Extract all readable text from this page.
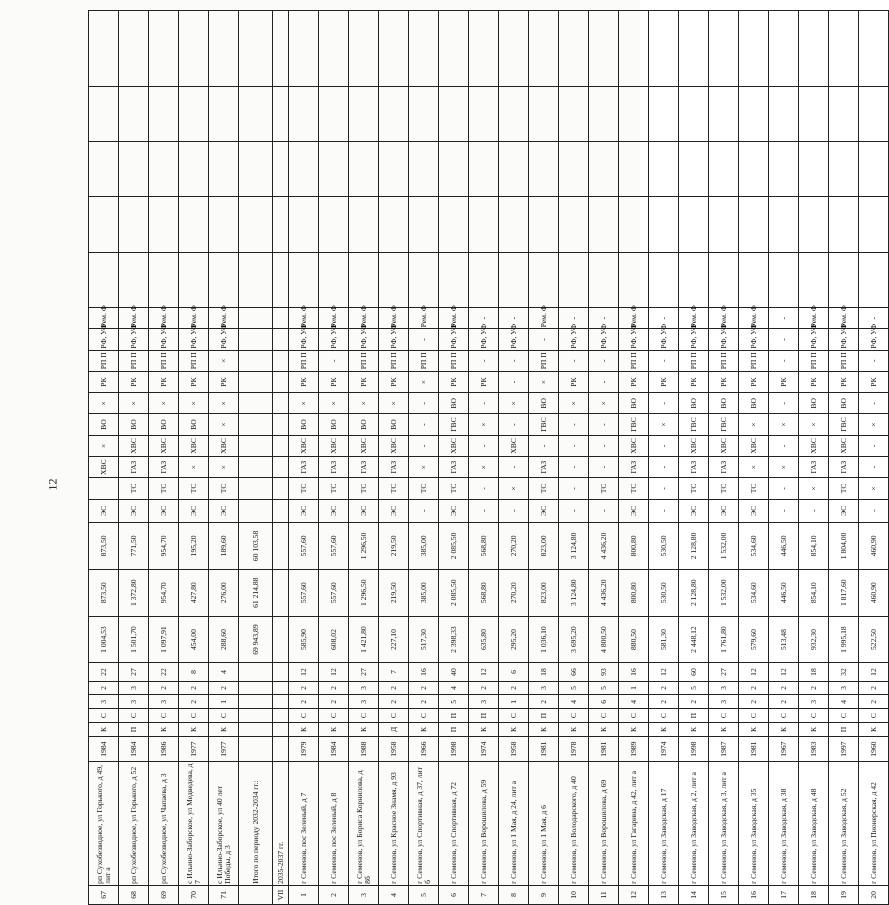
12
67	рп Сухобезводное, ул Горького, д 49, лит а	1984	К	С	3	2	22	1 004,53	873,50	873,50	ЭС		ХВС	×	ВО	×	РК	РП П	РФ, УФ	Рем. Ф					
68	рп Сухобезводное, ул Горького, д 52	1984	П	С	3	3	27	1 501,70	1 372,80	771,50	ЭС	ТС	ГАЗ	ХВС	ВО	×	РК	РП П	РФ, УФ	Рем. Ф					
69	рп Сухобезводное, ул Чапаева, д 3	1986	К	С	3	2	22	1 097,91	954,70	954,70	ЭС	ТС	ГАЗ	ХВС	ВО	×	РК	РП П	РФ, УФ	Рем. Ф					
70	с Ильино-Заборское, ул Медведева, д 7	1977	К	С	2	2	8	454,00	427,80	195,20	ЭС	ТС	×	ХВС	ВО	×	РК	РП П	РФ, УФ	Рем. Ф					
71	с Ильино-Заборское, ул 40 лет Победы, д 3	1977	К	С	1	2	4	288,60	276,00	189,60	ЭС	ТС	×	ХВС	×	×	РК	×	РФ, УФ	Рем. Ф					
	Итого по периоду 2032-2034 гг.:							69 943,89	61 214,88	60 103,58															
VII	2035-2037 гг.																								
1	г Семенов, пос Зеленый, д 7	1979	К	С	2	2	12	585,90	557,60	557,60	ЭС	ТС	ГАЗ	ХВС	ВО	×	РК	РП П	РФ, УФ	Рем. Ф					
2	г Семенов, пос Зеленый, д 8	1984	К	С	2	2	12	608,02	557,60	557,60	ЭС	ТС	ГАЗ	ХВС	ВО	×	РК	-	РФ, УФ	Рем. Ф					
3	г Семенов, ул Бориса Корнилова, д 8б	1988	К	С	3	3	27	1 421,80	1 296,50	1 296,50	ЭС	ТС	ГАЗ	ХВС	ВО	×	РК	РП П	РФ, УФ	Рем. Ф					
4	г Семенов, ул Красное Знамя, д 93	1958	Д	С	2	2	7	227,10	219,50	219,50	ЭС	ТС	ГАЗ	ХВС	ВО	×	РК	РП П	РФ, УФ	Рем. Ф					
5	г Семенов, ул Спортивная, д 37, лит б	1966	К	С	2	2	16	517,30	385,00	385,00	-	ТС	×	-	-	-	×	РП П	-	Рем. Ф					
6	г Семенов, ул Спортивная, д 72	1998	П	П	5	4	40	2 398,33	2 085,50	2 085,50	ЭС	ТС	ГАЗ	ХВС	ГВС	ВО	РК	РП П	РФ, УФ	Рем. Ф					
7	г Семенов, ул Ворошилова, д 59	1974	К	П	3	2	12	635,80	568,80	568,80	-	-	×	-	×	-	РК	-	РФ, УФ	-					
8	г Семенов, ул 1 Мая, д 24, лит а	1958	К	С	1	2	6	295,20	270,20	270,20	-	×	-	ХВС	-	×	-	-	РФ, УФ	-					
9	г Семенов, ул 1 Мая, д 6	1981	К	П	2	3	18	1 036,10	823,00	823,00	ЭС	ТС	ГАЗ	-	ГВС	ВО	×	РП П	-	Рем. Ф					
10	г Семенов, ул Володарского, д 40	1978	К	С	4	5	66	3 695,20	3 124,80	3 124,80	-	-	-	-	-	×	РК	-	РФ, УФ	-					
11	г Семенов, ул Ворошилова, д 69	1981	К	С	6	5	93	4 800,50	4 436,20	4 436,20	-	ТС	-	-	-	×	-	-	РФ, УФ	-					
12	г Семенов, ул Гагарина, д 42, лит а	1989	К	С	4	1	16	880,50	800,80	800,80	ЭС	ТС	ГАЗ	ХВС	ГВС	ВО	РК	РП П	РФ, УФ	Рем. Ф					
13	г Семенов, ул Заводская, д 17	1974	К	С	2	2	12	581,30	530,50	530,50	-	-	-	-	×	-	РК	-	РФ, УФ	-					
14	г Семенов, ул Заводская, д 2, лит а	1998	К	П	2	5	60	2 448,12	2 128,80	2 128,80	ЭС	ТС	ГАЗ	ХВС	ГВС	ВО	РК	РП П	РФ, УФ	Рем. Ф					
15	г Семенов, ул Заводская, д 3, лит а	1987	К	С	3	3	27	1 761,80	1 532,00	1 532,00	ЭС	ТС	ГАЗ	ХВС	ГВС	ВО	РК	РП П	РФ, УФ	Рем. Ф					
16	г Семенов, ул Заводская, д 35	1981	К	С	2	2	12	579,60	534,60	534,60	ЭС	ТС	×	ХВС	×	ВО	РК	РП П	РФ, УФ	Рем. Ф					
17	г Семенов, ул Заводская, д 38	1967	К	С	2	2	12	513,48	446,50	446,50	-	-	×	-	×	-	РК	-	-	-					
18	г Семенов, ул Заводская, д 48	1983	К	С	3	2	18	932,30	854,10	854,10	-	×	ГАЗ	ХВС	×	ВО	РК	РП П	РФ, УФ	Рем. Ф					
19	г Семенов, ул Заводская, д 52	1997	П	С	4	3	32	1 995,18	1 817,60	1 804,00	ЭС	ТС	ГАЗ	ХВС	ГВС	ВО	РК	РП П	РФ, УФ	Рем. Ф					
20	г Семенов, ул Пионерская, д 42	1960	К	С	2	2	12	522,50	460,90	460,90	-	×	-	-	×	-	РК	-	РФ, УФ	-					
